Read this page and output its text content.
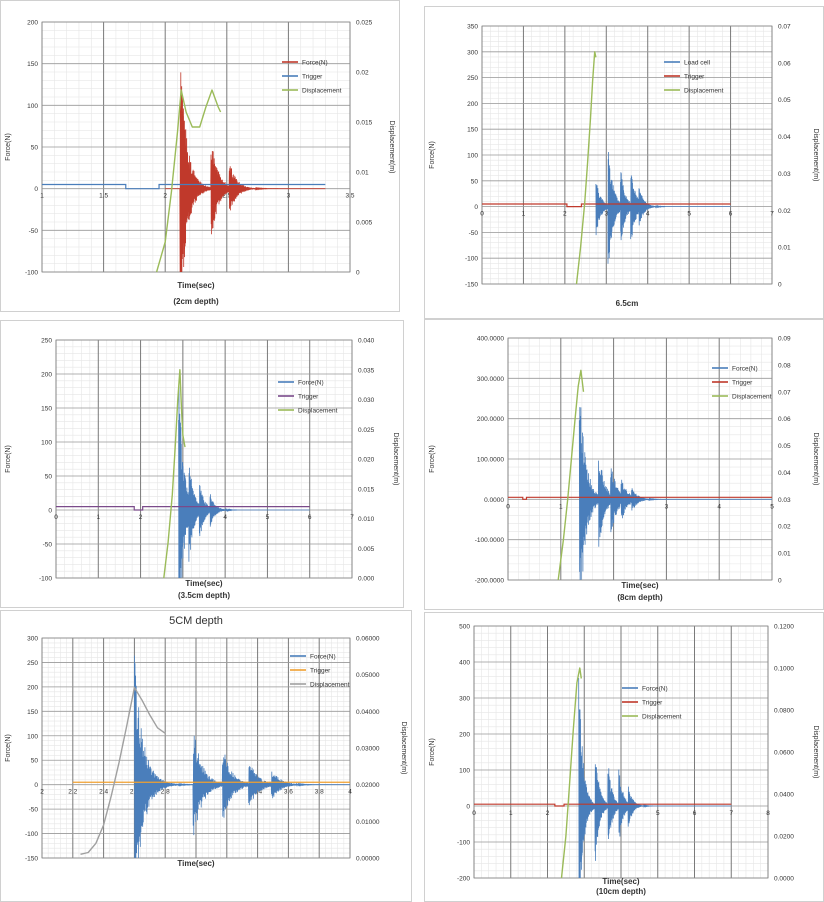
-100
-50
0
50
100
150
200
0
0.005
0.01
0.015
0.02
0.025
1	1.5	2	2.5	3	3.5
Force(N)	Displacement(m)
Time(sec)
(2cm depth)
Force(N)
Trigger
Displacement
-150
-100
-50
0
50
100
150
200
250
300
350
0
0.01
0.02
0.03
0.04
0.05
0.06
0.07
0	1	2	3	4	5	6	7
Force(N)	Displacement(m)
6.5cm
Load cell
Trigger
Displacement
-100
-50
0
50
100
150
200
250
0.000
0.005
0.010
0.015
0.020
0.025
0.030
0.035
0.040
0	1	2	3	4	5	6	7
Force(N)	Displacement(m)
Time(sec)
(3.5cm depth)
Force(N)
Trigger
Displacement
-200.0000
-100.0000
0.0000
100.0000
200.0000
300.0000
400.0000
0
0.01
0.02
0.03
0.04
0.05
0.06
0.07
0.08
0.09
0	1	2	3	4	5
Force(N)	Displacement(m)
Time(sec)
(8cm depth)
Force(N)
Trigger
Displacement
-150
-100
-50
0
50
100
150
200
250
300
0.00000
0.01000
0.02000
0.03000
0.04000
0.05000
0.06000
2	2.2	2.4	2.6	2.8	3	3.2	3.4	3.6	3.8	4
Force(N)	Displacement(m)
Time(sec)
5CM depth
Force(N)
Trigger
Displacement
-200
-100
0
100
200
300
400
500
0.0000
0.0200
0.0400
0.0600
0.0800
0.1000
0.1200
0	1	2	3	4	5	6	7	8
Force(N)	Displacement(m)
Time(sec)
(10cm depth)
Force(N)
Trigger
Displacement
